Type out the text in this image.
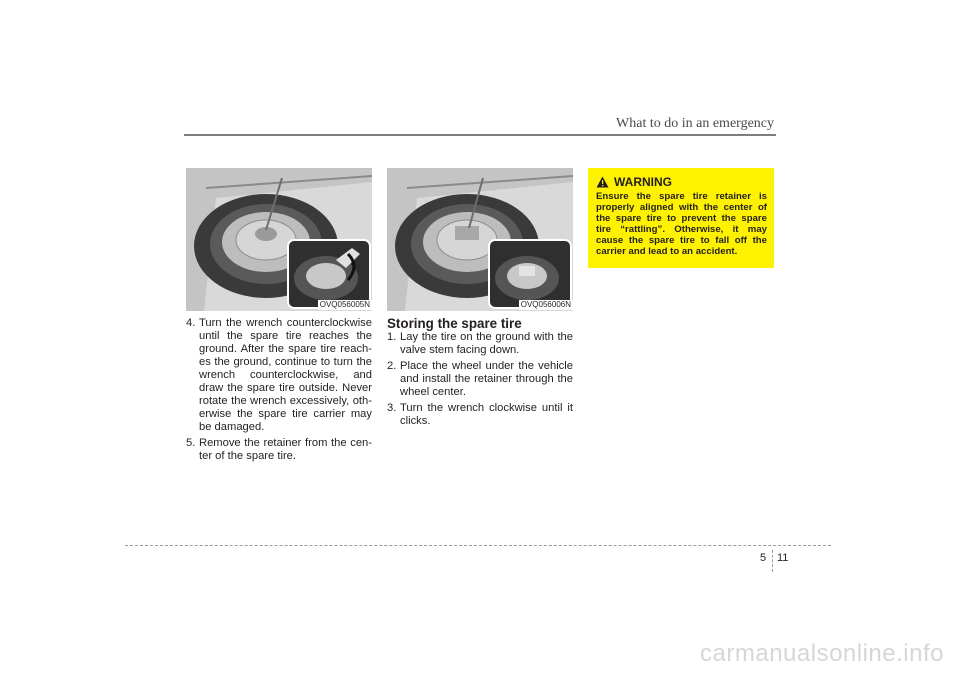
What to do in an emergency
OVQ056005N	OVQ056006N
4. Turn the wrench counterclockwise until the spare tire reaches the ground. After the spare tire reach- es the ground, continue to turn the wrench counterclockwise, and draw the spare tire outside. Never rotate the wrench excessively, oth- erwise the spare tire carrier may be damaged.
5. Remove the retainer from the cen- ter of the spare tire.
Storing the spare tire
1. Lay the tire on the ground with the valve stem facing down.
2. Place the wheel under the vehicle and install the retainer through the wheel center.
3. Turn the wrench clockwise until it clicks.
WARNING
Ensure the spare tire retainer is properly aligned with the center of the spare tire to prevent the spare tire “rattling”. Otherwise, it may cause the spare tire to fall off the carrier and lead to an accident.
5 11
carmanualsonline.info
